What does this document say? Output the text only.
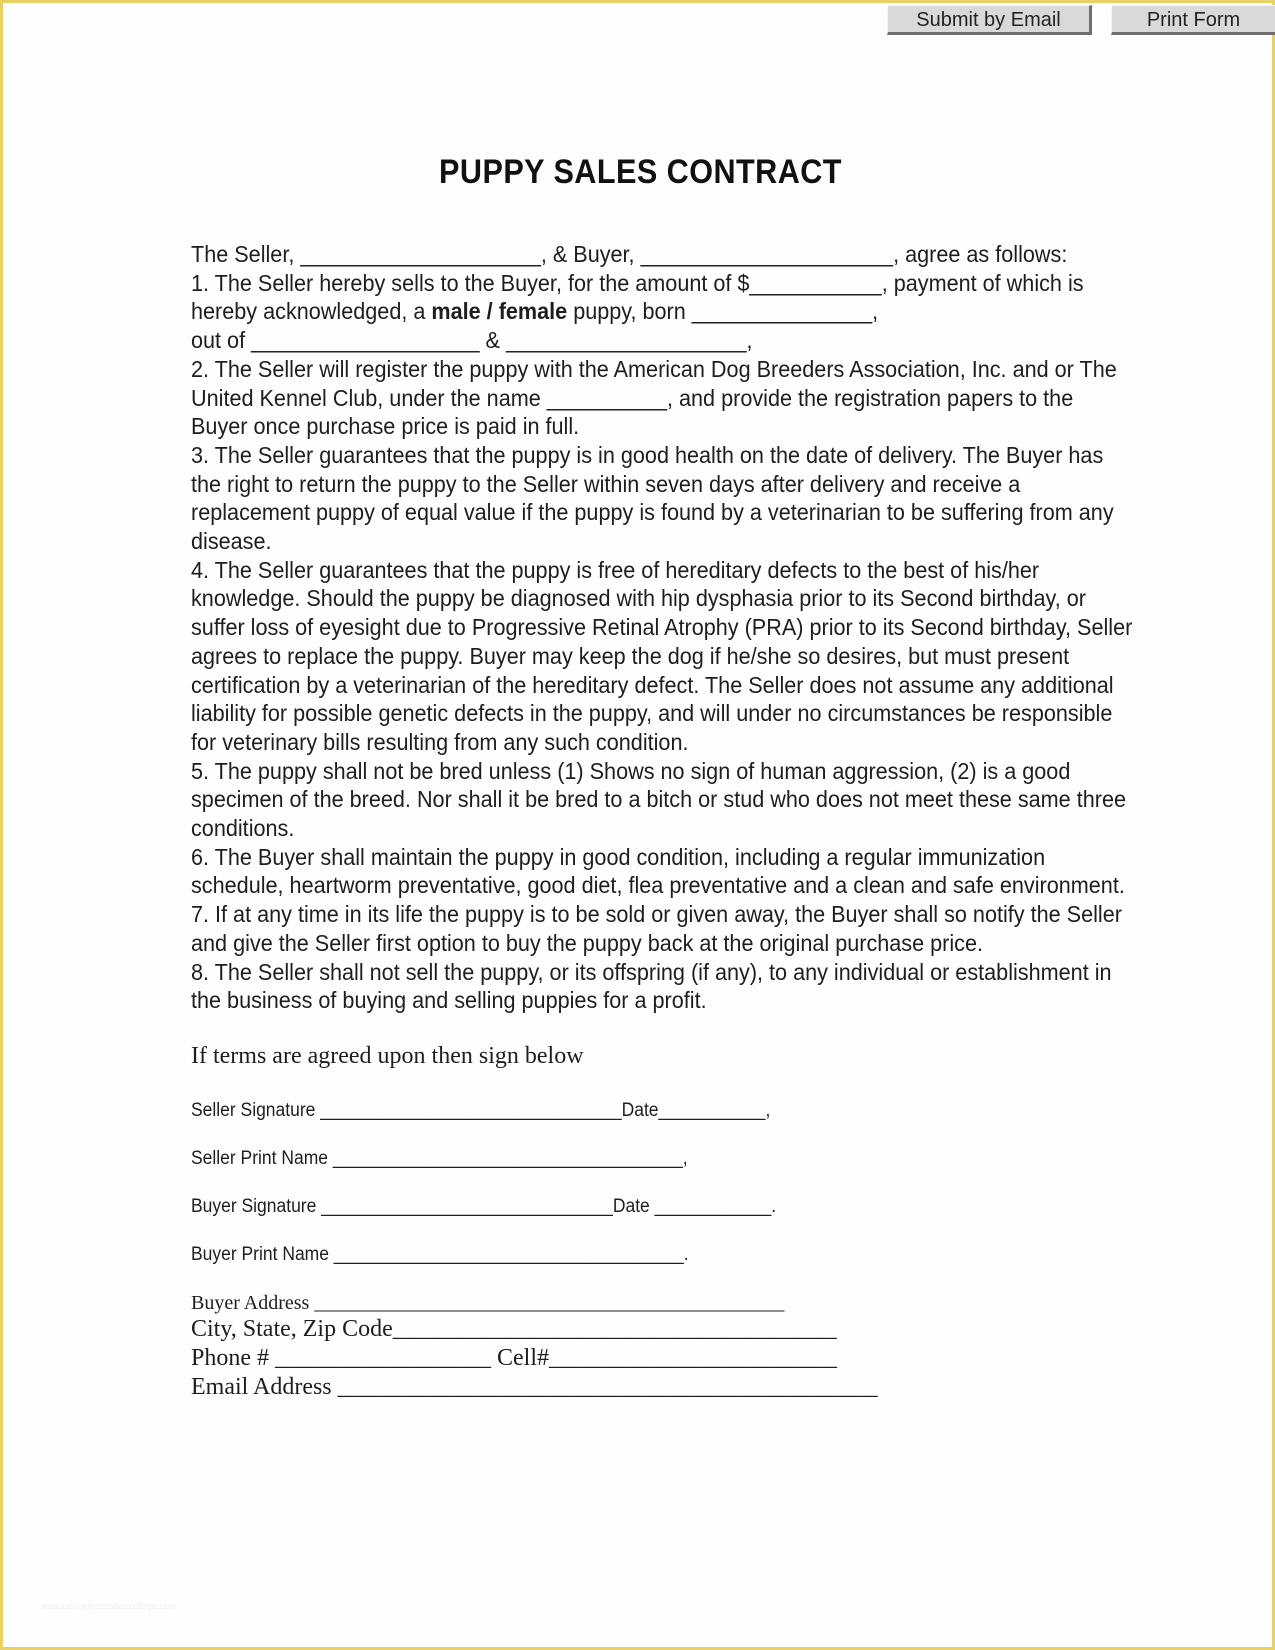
Submit by Email	Print Form
PUPPY SALES CONTRACT
The Seller, ____________________, & Buyer, _____________________, agree as follows:
1. The Seller hereby sells to the Buyer, for the amount of $___________, payment of which is
hereby acknowledged, a male / female puppy, born _______________,
out of ___________________ & ____________________,
2. The Seller will register the puppy with the American Dog Breeders Association, Inc. and or The
United Kennel Club, under the name __________, and provide the registration papers to the
Buyer once purchase price is paid in full.
3. The Seller guarantees that the puppy is in good health on the date of delivery. The Buyer has
the right to return the puppy to the Seller within seven days after delivery and receive a
replacement puppy of equal value if the puppy is found by a veterinarian to be suffering from any
disease.
4. The Seller guarantees that the puppy is free of hereditary defects to the best of his/her
knowledge. Should the puppy be diagnosed with hip dysphasia prior to its Second birthday, or
suffer loss of eyesight due to Progressive Retinal Atrophy (PRA) prior to its Second birthday, Seller
agrees to replace the puppy. Buyer may keep the dog if he/she so desires, but must present
certification by a veterinarian of the hereditary defect. The Seller does not assume any additional
liability for possible genetic defects in the puppy, and will under no circumstances be responsible
for veterinary bills resulting from any such condition.
5. The puppy shall not be bred unless (1) Shows no sign of human aggression, (2) is a good
specimen of the breed. Nor shall it be bred to a bitch or stud who does not meet these same three
conditions.
6. The Buyer shall maintain the puppy in good condition, including a regular immunization
schedule, heartworm preventative, good diet, flea preventative and a clean and safe environment.
7. If at any time in its life the puppy is to be sold or given away, the Buyer shall so notify the Seller
and give the Seller first option to buy the puppy back at the original purchase price.
8. The Seller shall not sell the puppy, or its offspring (if any), to any individual or establishment in
the business of buying and selling puppies for a profit.
If terms are agreed upon then sign below
Seller Signature _______________________________Date___________,
Seller Print Name ____________________________________,
Buyer Signature ______________________________Date ____________.
Buyer Print Name ____________________________________.
Buyer Address _______________________________________________
City, State, Zip Code_____________________________________
Phone # __________________ Cell#________________________
Email Address _____________________________________________
www.heritagechristiancollege.com
